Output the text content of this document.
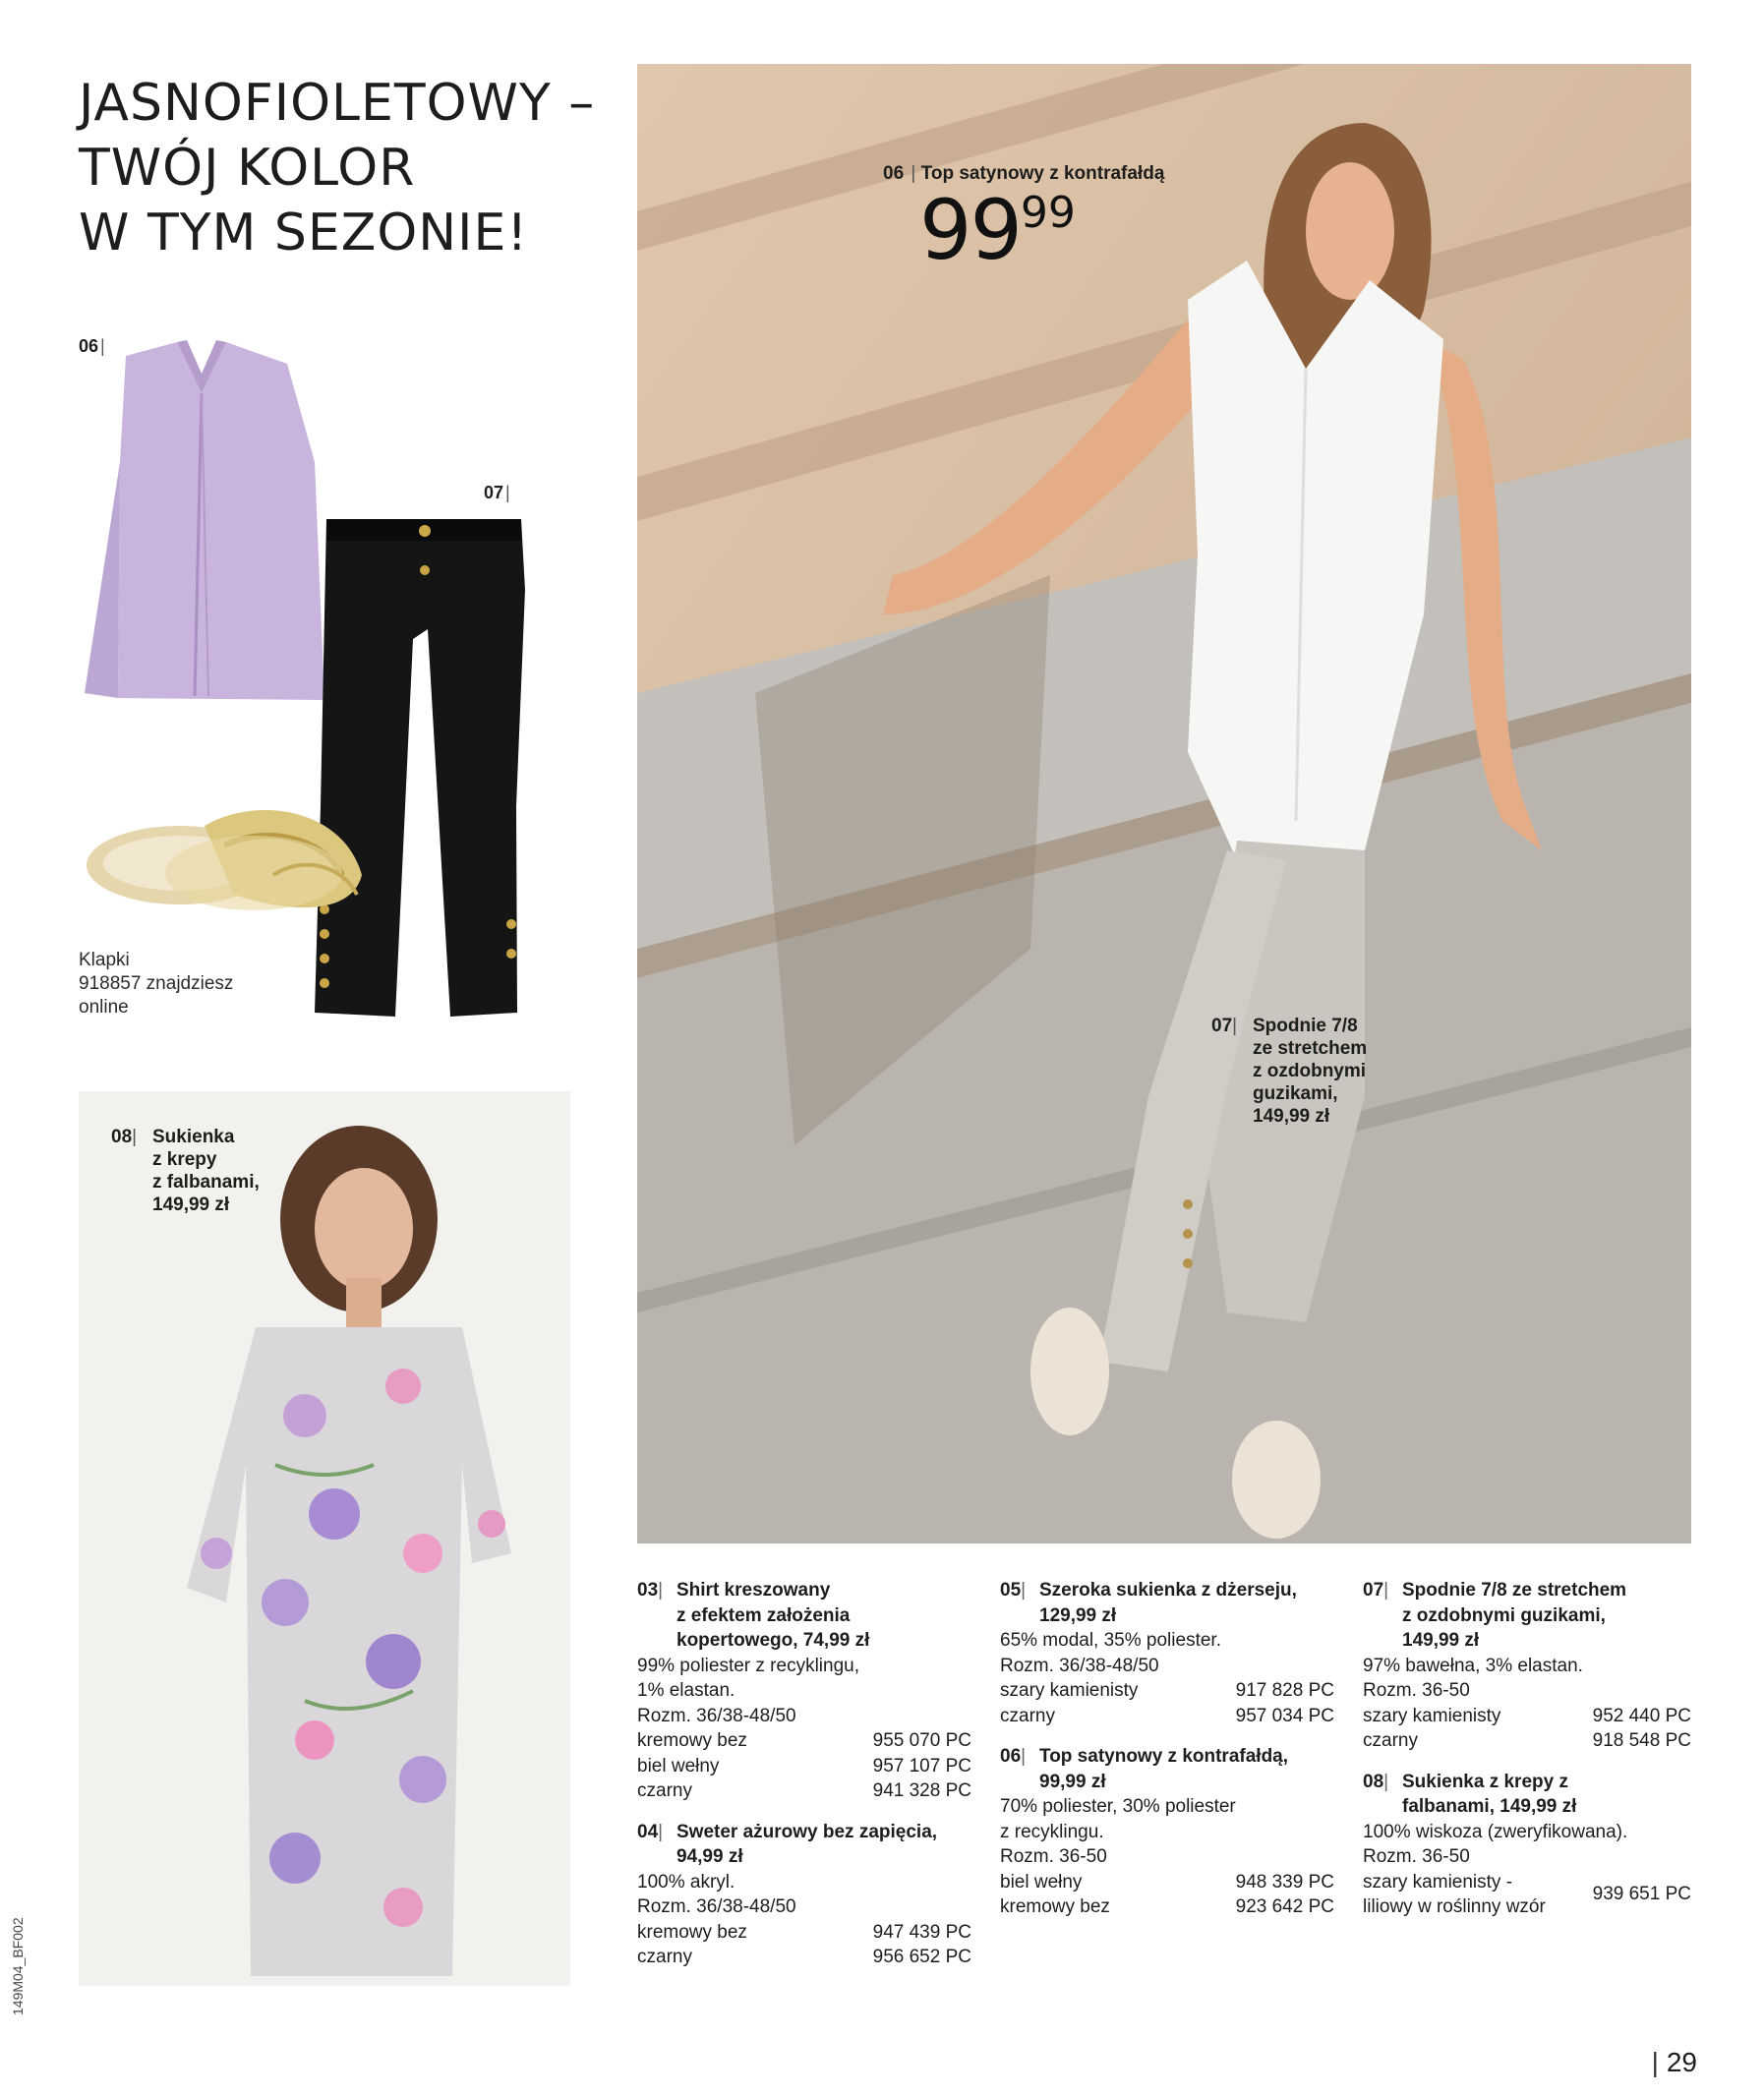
JASNOFIOLETOWY –
TWÓJ KOLOR
W TYM SEZONIE!
06 |
07 |
Klapki
918857 znajdziesz
online
08| Sukienka
z krepy
z falbanami,
149,99 zł
06 | Top satynowy z kontrafałdą
$99^{99}$
07| Spodnie 7/8
ze stretchem
z ozdobnymi
guzikami,
149,99 zł
03| Shirt kreszowany
z efektem założenia
kopertowego, 74,99 zł
99% poliester z recyklingu,
1% elastan.
Rozm. 36/38-48/50
kremowy bez	955 070 PC
biel wełny	957 107 PC
czarny	941 328 PC
04| Sweter ażurowy bez zapięcia,
94,99 zł
100% akryl.
Rozm. 36/38-48/50
kremowy bez	947 439 PC
czarny	956 652 PC
05| Szeroka sukienka z dżerseju,
129,99 zł
65% modal, 35% poliester.
Rozm. 36/38-48/50
szary kamienisty	917 828 PC
czarny	957 034 PC
06| Top satynowy z kontrafałdą,
99,99 zł
70% poliester, 30% poliester
z recyklingu.
Rozm. 36-50
biel wełny	948 339 PC
kremowy bez	923 642 PC
07| Spodnie 7/8 ze stretchem
z ozdobnymi guzikami,
149,99 zł
97% bawełna, 3% elastan.
Rozm. 36-50
szary kamienisty	952 440 PC
czarny	918 548 PC
08| Sukienka z krepy z
falbanami, 149,99 zł
100% wiskoza (zweryfikowana).
Rozm. 36-50
szary kamienisty -
liliowy w roślinny wzór
939 651 PC
| 29
149M04_BF002
